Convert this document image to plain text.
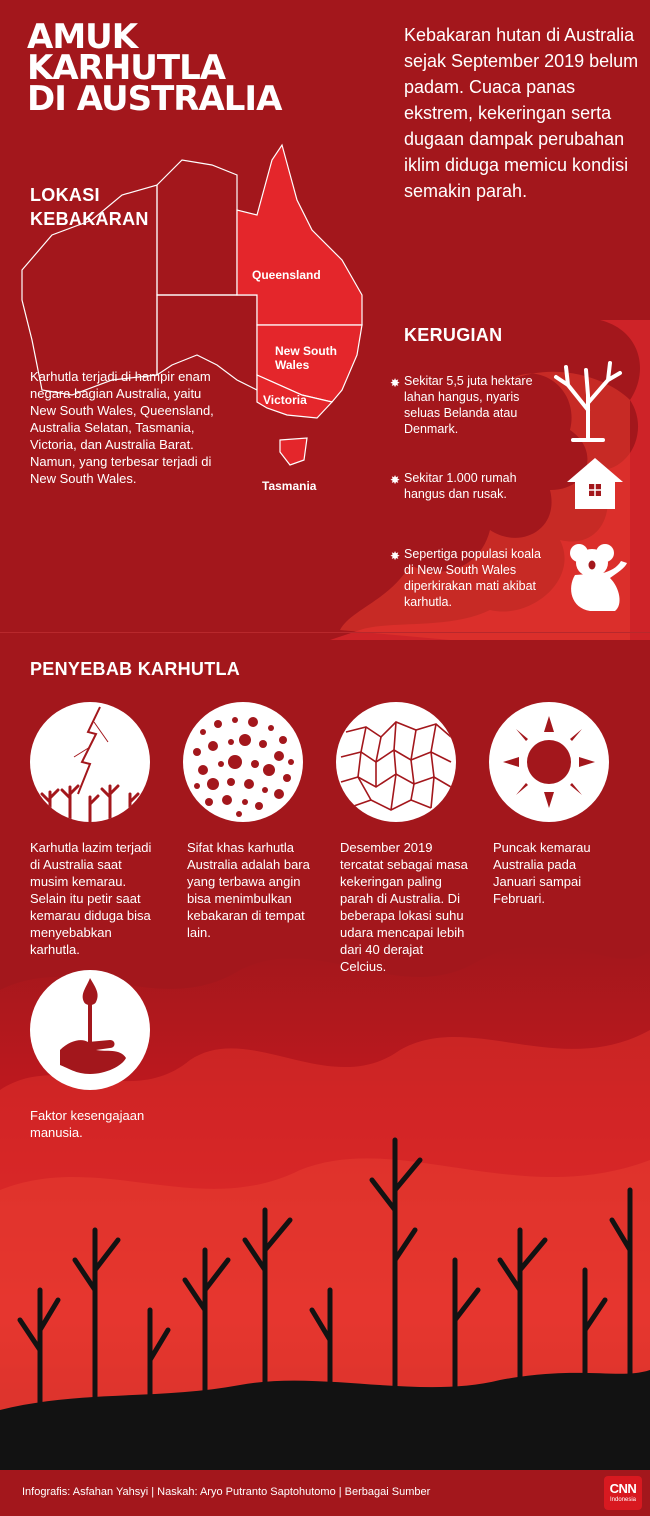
AMUK
KARHUTLA
DI AUSTRALIA
Kebakaran hutan di Australia sejak September 2019 belum padam. Cuaca panas ekstrem, kekeringan serta dugaan dampak perubahan iklim diduga memicu kondisi semakin parah.
LOKASI
KEBAKARAN
Queensland
New South Wales
Victoria
Tasmania
Karhutla terjadi di hampir enam negara bagian Australia, yaitu New South Wales, Queensland, Australia Selatan, Tasmania, Victoria, dan Australia Barat. Namun, yang terbesar terjadi di New South Wales.
KERUGIAN
✸ Sekitar 5,5 juta hektare lahan hangus, nyaris seluas Belanda atau Denmark.
✸ Sekitar 1.000 rumah hangus dan rusak.
✸ Sepertiga populasi koala di New South Wales diperkirakan mati akibat karhutla.
PENYEBAB KARHUTLA
Karhutla lazim terjadi di Australia saat musim kemarau. Selain itu petir saat kemarau diduga bisa menyebabkan karhutla.
Sifat khas karhutla Australia adalah bara yang terbawa angin bisa menimbulkan kebakaran di tempat lain.
Desember 2019 tercatat sebagai masa kekeringan paling parah di Australia. Di beberapa lokasi suhu udara mencapai lebih dari 40 derajat Celcius.
Puncak kemarau Australia pada Januari sampai Februari.
Faktor kesengajaan manusia.
Infografis: Asfahan Yahsyi | Naskah: Aryo Putranto Saptohutomo | Berbagai Sumber	CNN
Indonesia
